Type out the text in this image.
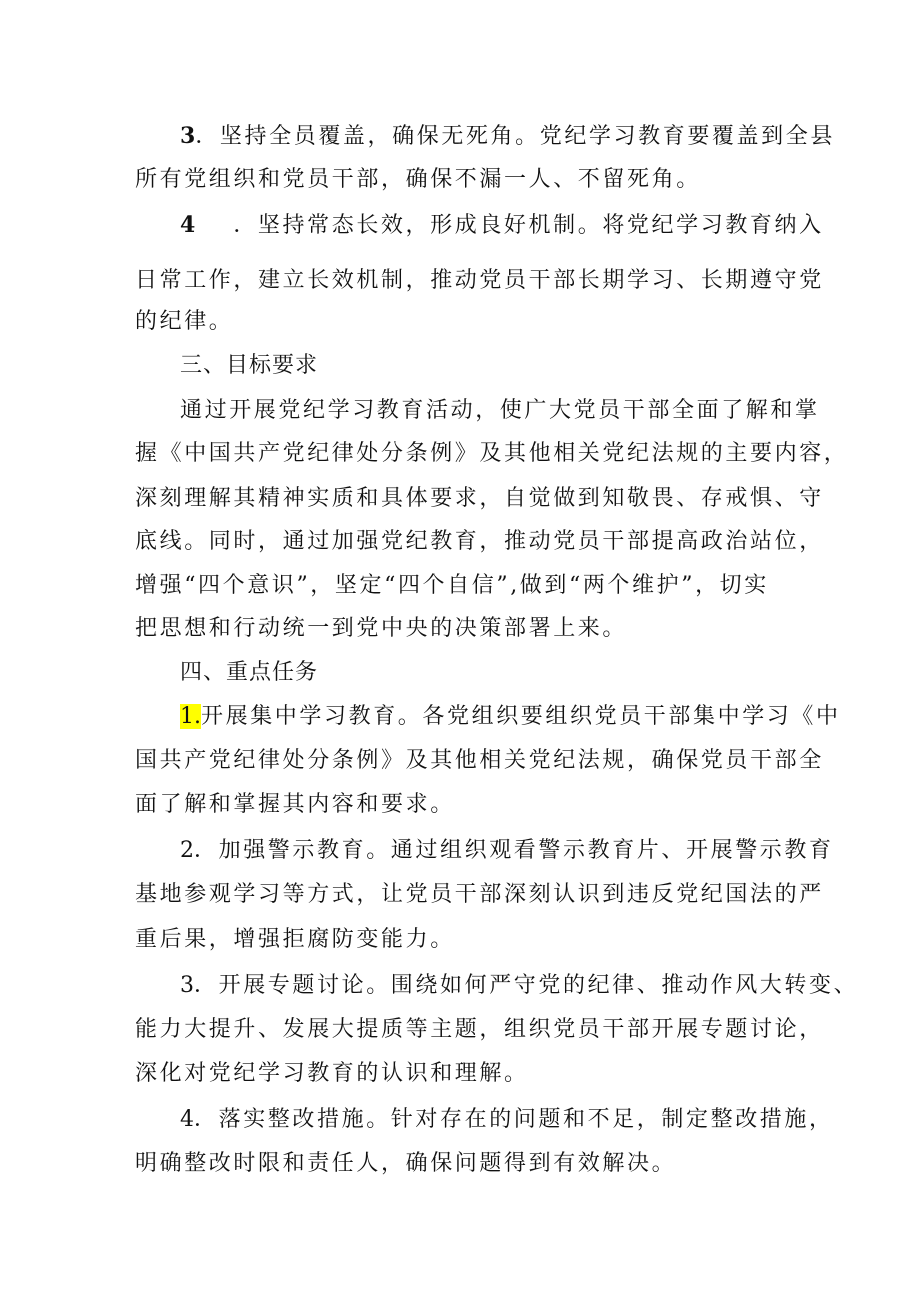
3．坚持全员覆盖，确保无死角。党纪学习教育要覆盖到全县
所有党组织和党员干部，确保不漏一人、不留死角。
4 ．坚持常态长效，形成良好机制。将党纪学习教育纳入
日常工作，建立长效机制，推动党员干部长期学习、长期遵守党
的纪律。
三、目标要求
通过开展党纪学习教育活动，使广大党员干部全面了解和掌
握《中国共产党纪律处分条例》及其他相关党纪法规的主要内容，
深刻理解其精神实质和具体要求，自觉做到知敬畏、存戒惧、守
底线。同时，通过加强党纪教育，推动党员干部提高政治站位，
增强“四个意识”，坚定“四个自信”,做到“两个维护”，切实
把思想和行动统一到党中央的决策部署上来。
四、重点任务
1.开展集中学习教育。各党组织要组织党员干部集中学习《中
国共产党纪律处分条例》及其他相关党纪法规，确保党员干部全
面了解和掌握其内容和要求。
2．加强警示教育。通过组织观看警示教育片、开展警示教育
基地参观学习等方式，让党员干部深刻认识到违反党纪国法的严
重后果，增强拒腐防变能力。
3．开展专题讨论。围绕如何严守党的纪律、推动作风大转变、
能力大提升、发展大提质等主题，组织党员干部开展专题讨论，
深化对党纪学习教育的认识和理解。
4．落实整改措施。针对存在的问题和不足，制定整改措施，
明确整改时限和责任人，确保问题得到有效解决。
